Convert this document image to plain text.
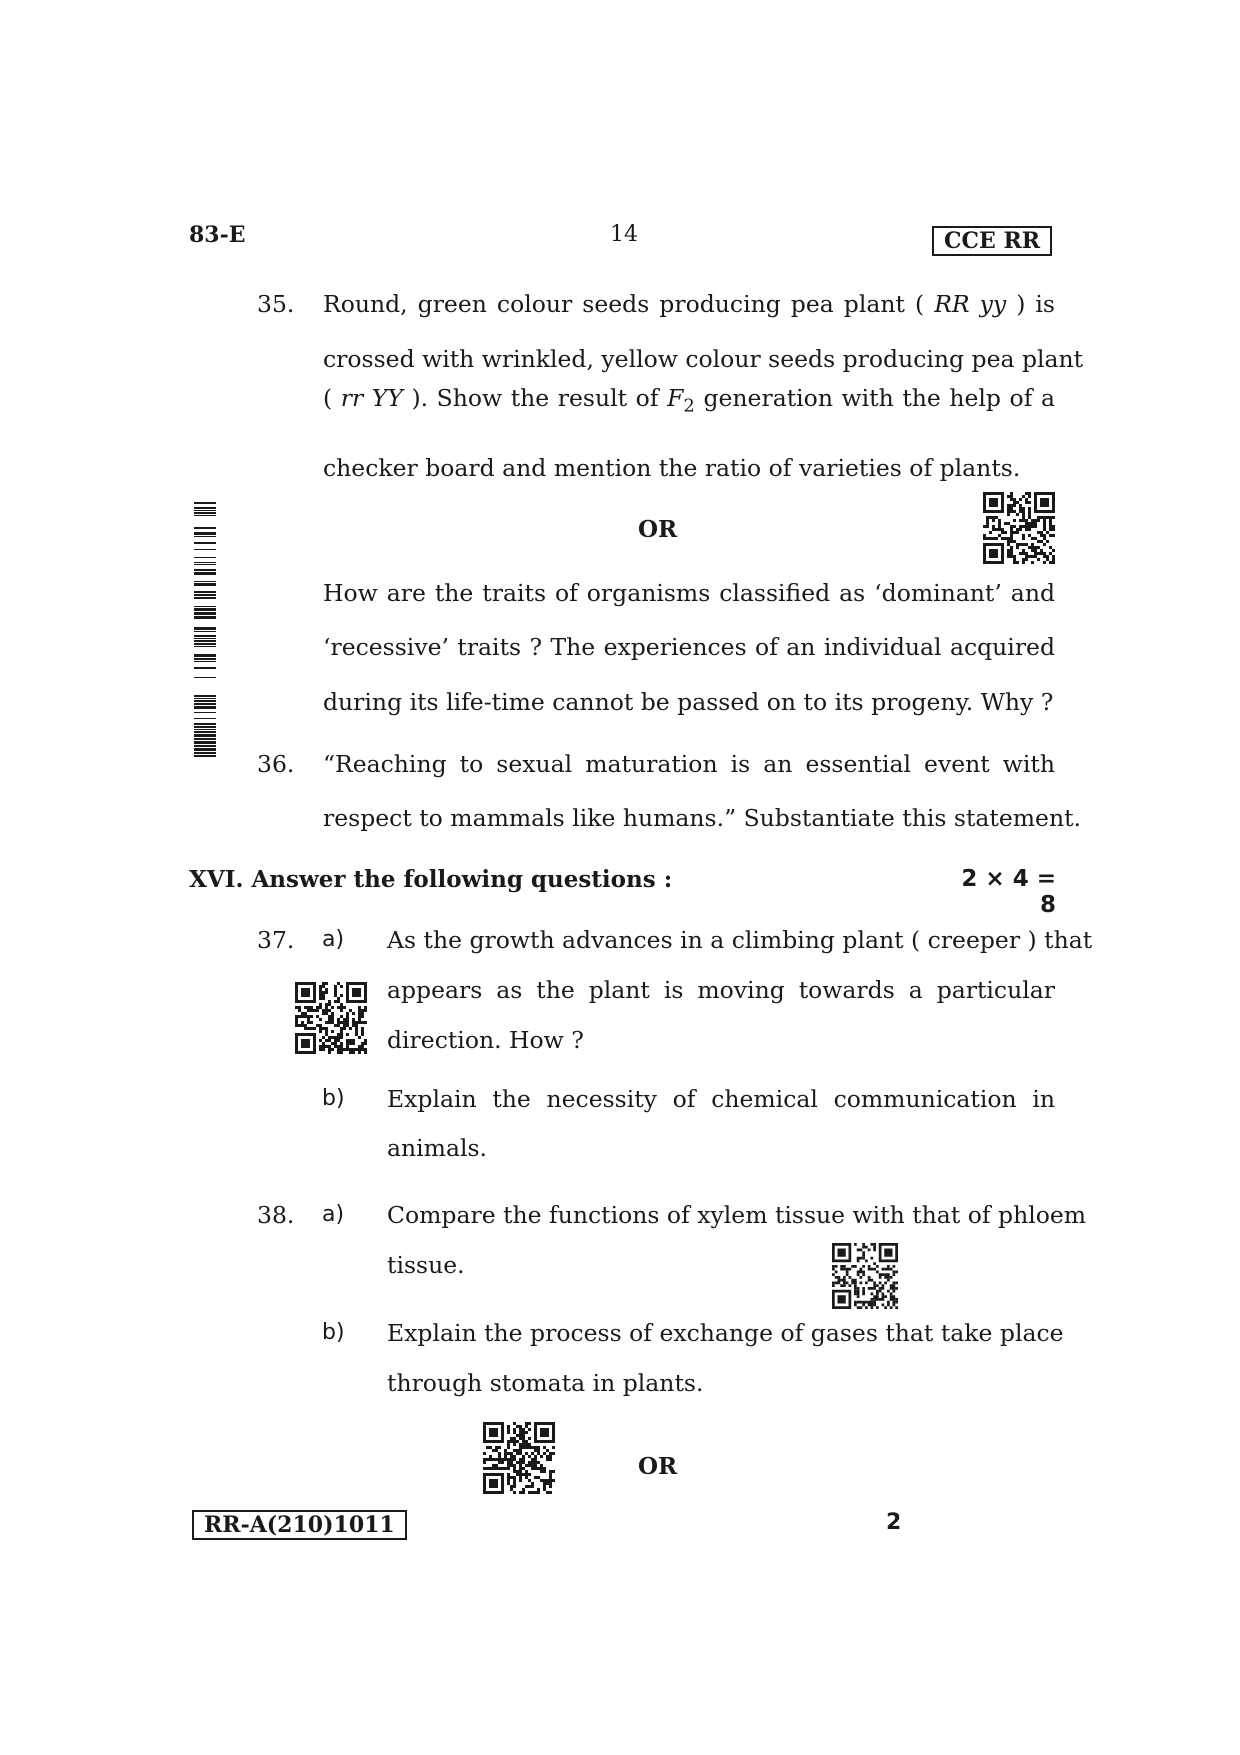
83-E	14	CCE RR
35. Round, green colour seeds producing pea plant ( RR yy ) is
crossed with wrinkled, yellow colour seeds producing pea plant
( rr YY ). Show the result of $F_2$ generation with the help of a
checker board and mention the ratio of varieties of plants.
OR
How are the traits of organisms classified as ‘dominant’ and
‘recessive’ traits ? The experiences of an individual acquired
during its life-time cannot be passed on to its progeny. Why ?
36. “Reaching to sexual maturation is an essential event with
respect to mammals like humans.” Substantiate this statement.
XVI. Answer the following questions :	2 × 4 = 8
37. a) As the growth advances in a climbing plant ( creeper ) that
appears as the plant is moving towards a particular
direction. How ?
b) Explain the necessity of chemical communication in
animals.
38. a) Compare the functions of xylem tissue with that of phloem
tissue.
b) Explain the process of exchange of gases that take place
through stomata in plants.
OR
RR-A(210)1011	2
